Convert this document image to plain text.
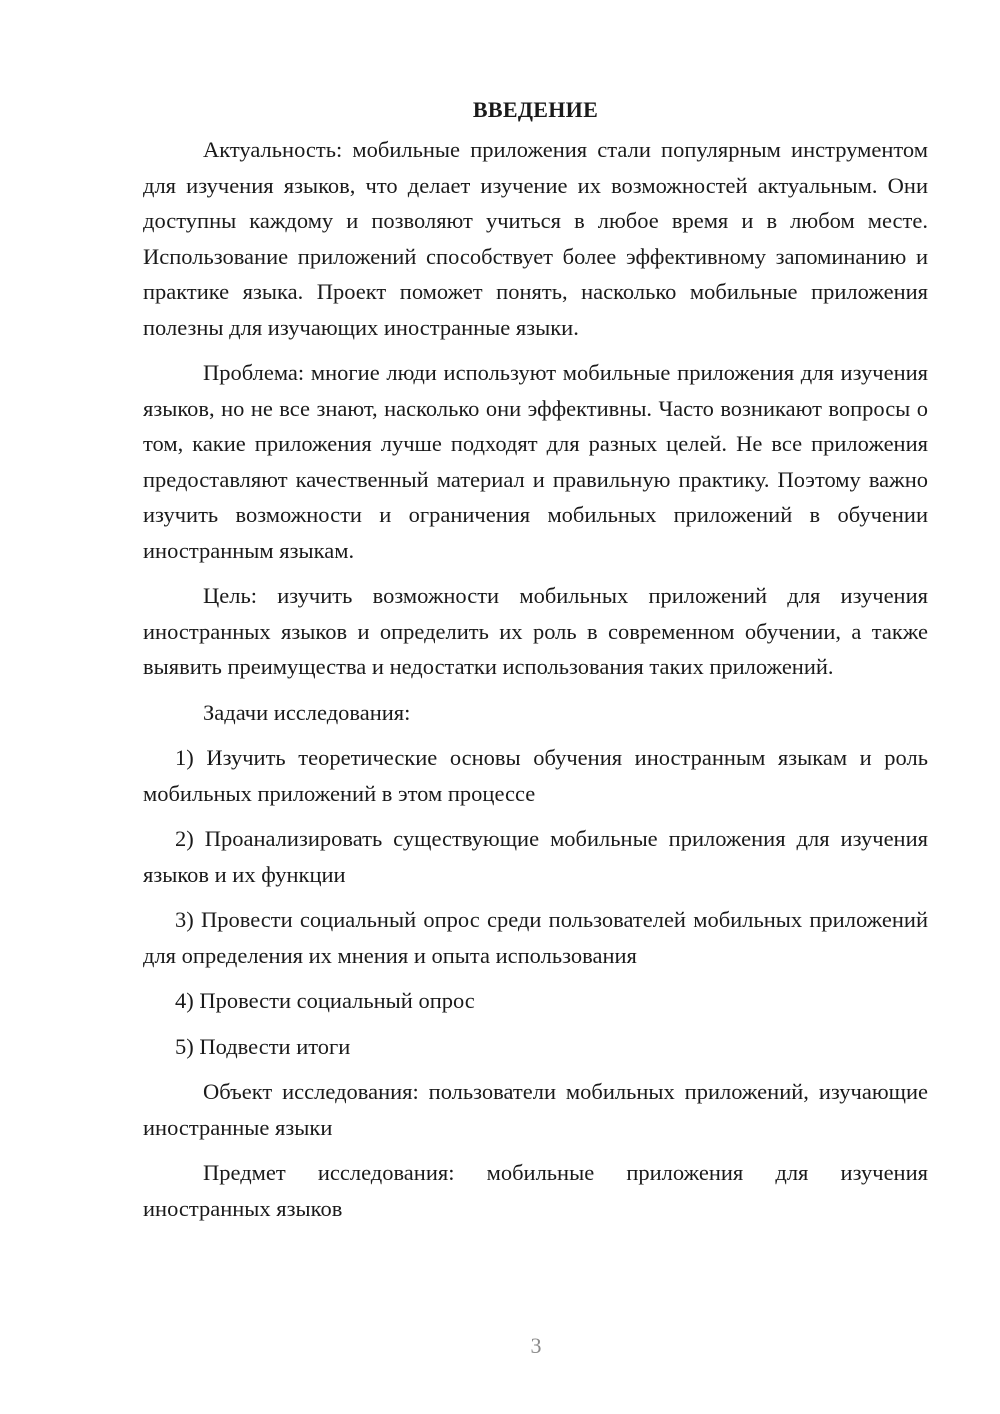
ВВЕДЕНИЕ

Актуальность: мобильные приложения стали популярным инструментом для изучения языков, что делает изучение их возможностей актуальным. Они доступны каждому и позволяют учиться в любое время и в любом месте. Использование приложений способствует более эффективному запоминанию и практике языка. Проект поможет понять, насколько мобильные приложения полезны для изучающих иностранные языки.

Проблема: многие люди используют мобильные приложения для изучения языков, но не все знают, насколько они эффективны. Часто возникают вопросы о том, какие приложения лучше подходят для разных целей. Не все приложения предоставляют качественный материал и правильную практику. Поэтому важно изучить возможности и ограничения мобильных приложений в обучении иностранным языкам.

Цель: изучить возможности мобильных приложений для изучения иностранных языков и определить их роль в современном обучении, а также выявить преимущества и недостатки использования таких приложений.

Задачи исследования:

1) Изучить теоретические основы обучения иностранным языкам и роль мобильных приложений в этом процессе

2) Проанализировать существующие мобильные приложения для изучения языков и их функции

3) Провести социальный опрос среди пользователей мобильных приложений для определения их мнения и опыта использования

4) Провести социальный опрос

5) Подвести итоги

Объект исследования: пользователи мобильных приложений, изучающие иностранные языки

Предмет исследования: мобильные приложения для изучения иностранных языков

3
